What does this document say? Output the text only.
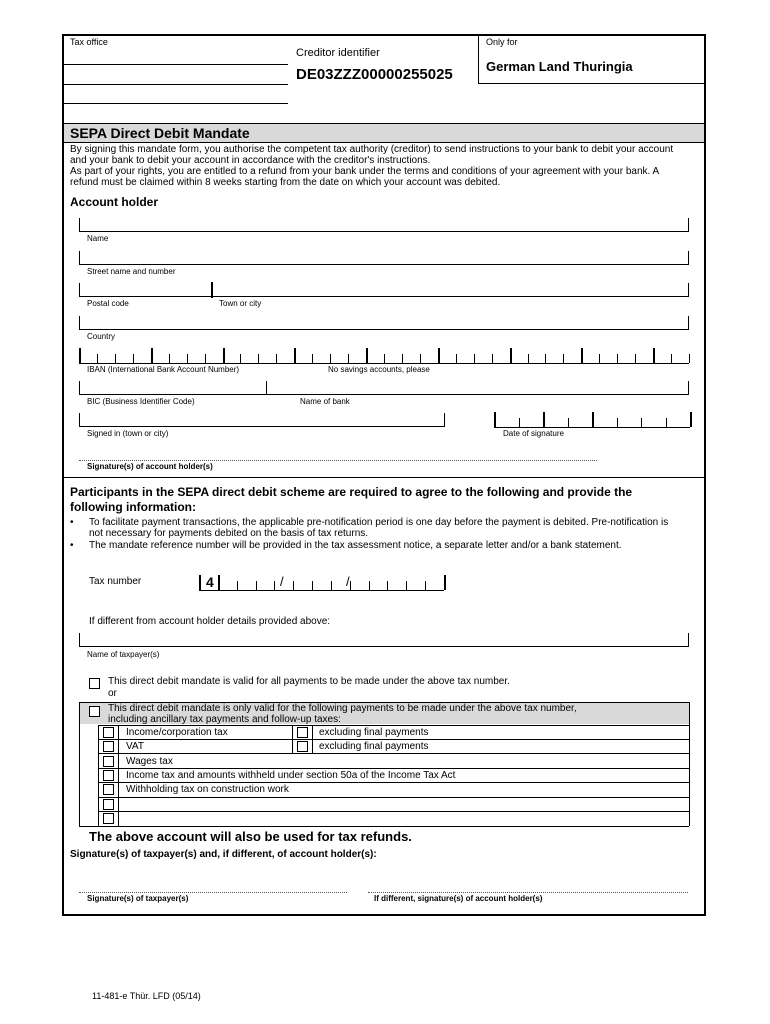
Tax office
Creditor identifier
DE03ZZZ00000255025
Only for
German Land Thuringia
SEPA Direct Debit Mandate
By signing this mandate form, you authorise the competent tax authority (creditor) to send instructions to your bank to debit your account
and your bank to debit your account in accordance with the creditor's instructions.
As part of your rights, you are entitled to a refund from your bank under the terms and conditions of your agreement with your bank. A
refund must be claimed within 8 weeks starting from the date on which your account was debited.
Account holder
Name
Street name and number
Postal code	Town or city
Country
IBAN (International Bank Account Number)	No savings accounts, please
BIC (Business Identifier Code)	Name of bank
Signed in (town or city)	Date of signature
Signature(s) of account holder(s)
Participants in the SEPA direct debit scheme are required to agree to the following and provide the
following information:
• To facilitate payment transactions, the applicable pre-notification period is one day before the payment is debited. Pre-notification is
not necessary for payments debited on the basis of tax returns.
• The mandate reference number will be provided in the tax assessment notice, a separate letter and/or a bank statement.
Tax number	4	/	/
If different from account holder details provided above:
Name of taxpayer(s)
This direct debit mandate is valid for all payments to be made under the above tax number.
or
This direct debit mandate is only valid for the following payments to be made under the above tax number,
including ancillary tax payments and follow-up taxes:
Income/corporation tax	excluding final payments
VAT	excluding final payments
Wages tax
Income tax and amounts withheld under section 50a of the Income Tax Act
Withholding tax on construction work
The above account will also be used for tax refunds.
Signature(s) of taxpayer(s) and, if different, of account holder(s):
Signature(s) of taxpayer(s)	If different, signature(s) of account holder(s)
11-481-e Thür. LFD (05/14)
